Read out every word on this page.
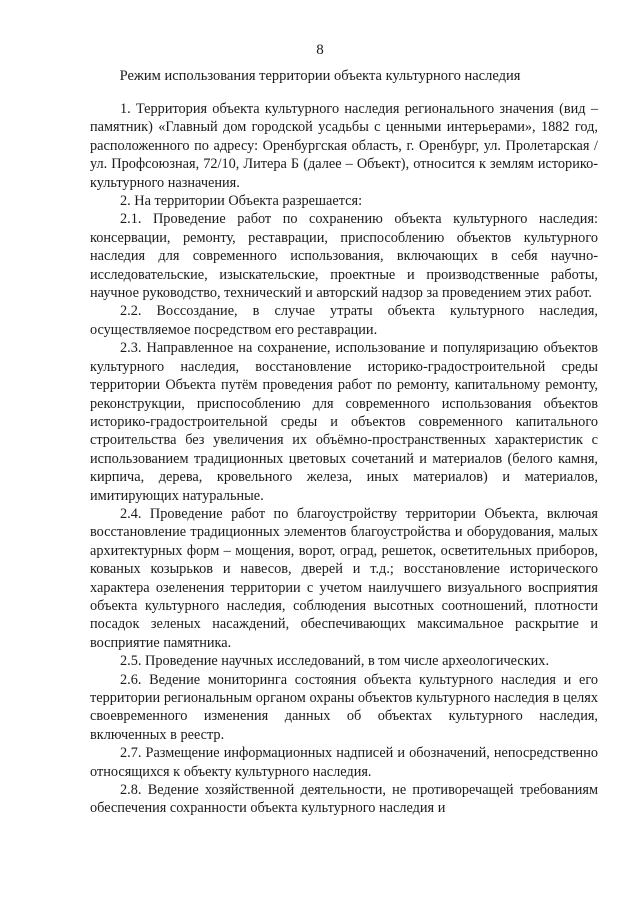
8
Режим использования территории объекта культурного наследия

1. Территория объекта культурного наследия регионального значения (вид – памятник) «Главный дом городской усадьбы с ценными интерьерами», 1882 год, расположенного по адресу: Оренбургская область, г. Оренбург, ул. Пролетарская / ул. Профсоюзная, 72/10, Литера Б (далее – Объект), относится к землям историко-культурного назначения.

2. На территории Объекта разрешается:

2.1. Проведение работ по сохранению объекта культурного наследия: консервации, ремонту, реставрации, приспособлению объектов культурного наследия для современного использования, включающих в себя научно-исследовательские, изыскательские, проектные и производственные работы, научное руководство, технический и авторский надзор за проведением этих работ.

2.2. Воссоздание, в случае утраты объекта культурного наследия, осуществляемое посредством его реставрации.

2.3. Направленное на сохранение, использование и популяризацию объектов культурного наследия, восстановление историко-градостроительной среды территории Объекта путём проведения работ по ремонту, капитальному ремонту, реконструкции, приспособлению для современного использования объектов историко-градостроительной среды и объектов современного капитального строительства без увеличения их объёмно-пространственных характеристик с использованием традиционных цветовых сочетаний и материалов (белого камня, кирпича, дерева, кровельного железа, иных материалов) и материалов, имитирующих натуральные.

2.4. Проведение работ по благоустройству территории Объекта, включая восстановление традиционных элементов благоустройства и оборудования, малых архитектурных форм – мощения, ворот, оград, решеток, осветительных приборов, кованых козырьков и навесов, дверей и т.д.; восстановление исторического характера озеленения территории с учетом наилучшего визуального восприятия объекта культурного наследия, соблюдения высотных соотношений, плотности посадок зеленых насаждений, обеспечивающих максимальное раскрытие и восприятие памятника.

2.5. Проведение научных исследований, в том числе археологических.

2.6. Ведение мониторинга состояния объекта культурного наследия и его территории региональным органом охраны объектов культурного наследия в целях своевременного изменения данных об объектах культурного наследия, включенных в реестр.

2.7. Размещение информационных надписей и обозначений, непосредственно относящихся к объекту культурного наследия.

2.8. Ведение хозяйственной деятельности, не противоречащей требованиям обеспечения сохранности объекта культурного наследия и
